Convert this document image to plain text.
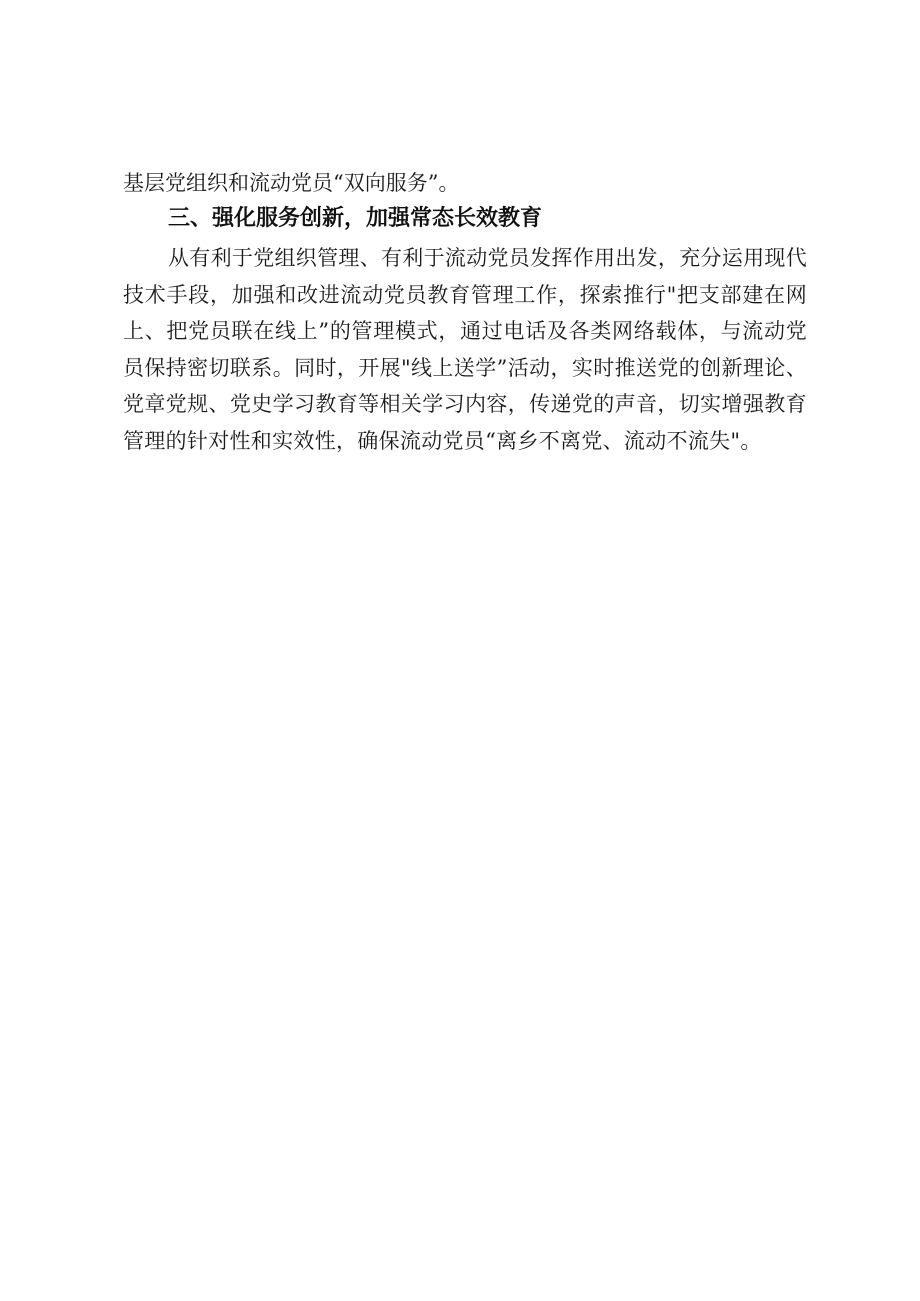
基层党组织和流动党员“双向服务”。

三、强化服务创新，加强常态长效教育

从有利于党组织管理、有利于流动党员发挥作用出发，充分运用现代技术手段，加强和改进流动党员教育管理工作，探索推行"把支部建在网上、把党员联在线上”的管理模式，通过电话及各类网络载体，与流动党员保持密切联系。同时，开展"线上送学”活动，实时推送党的创新理论、党章党规、党史学习教育等相关学习内容，传递党的声音，切实增强教育管理的针对性和实效性，确保流动党员“离乡不离党、流动不流失"。
